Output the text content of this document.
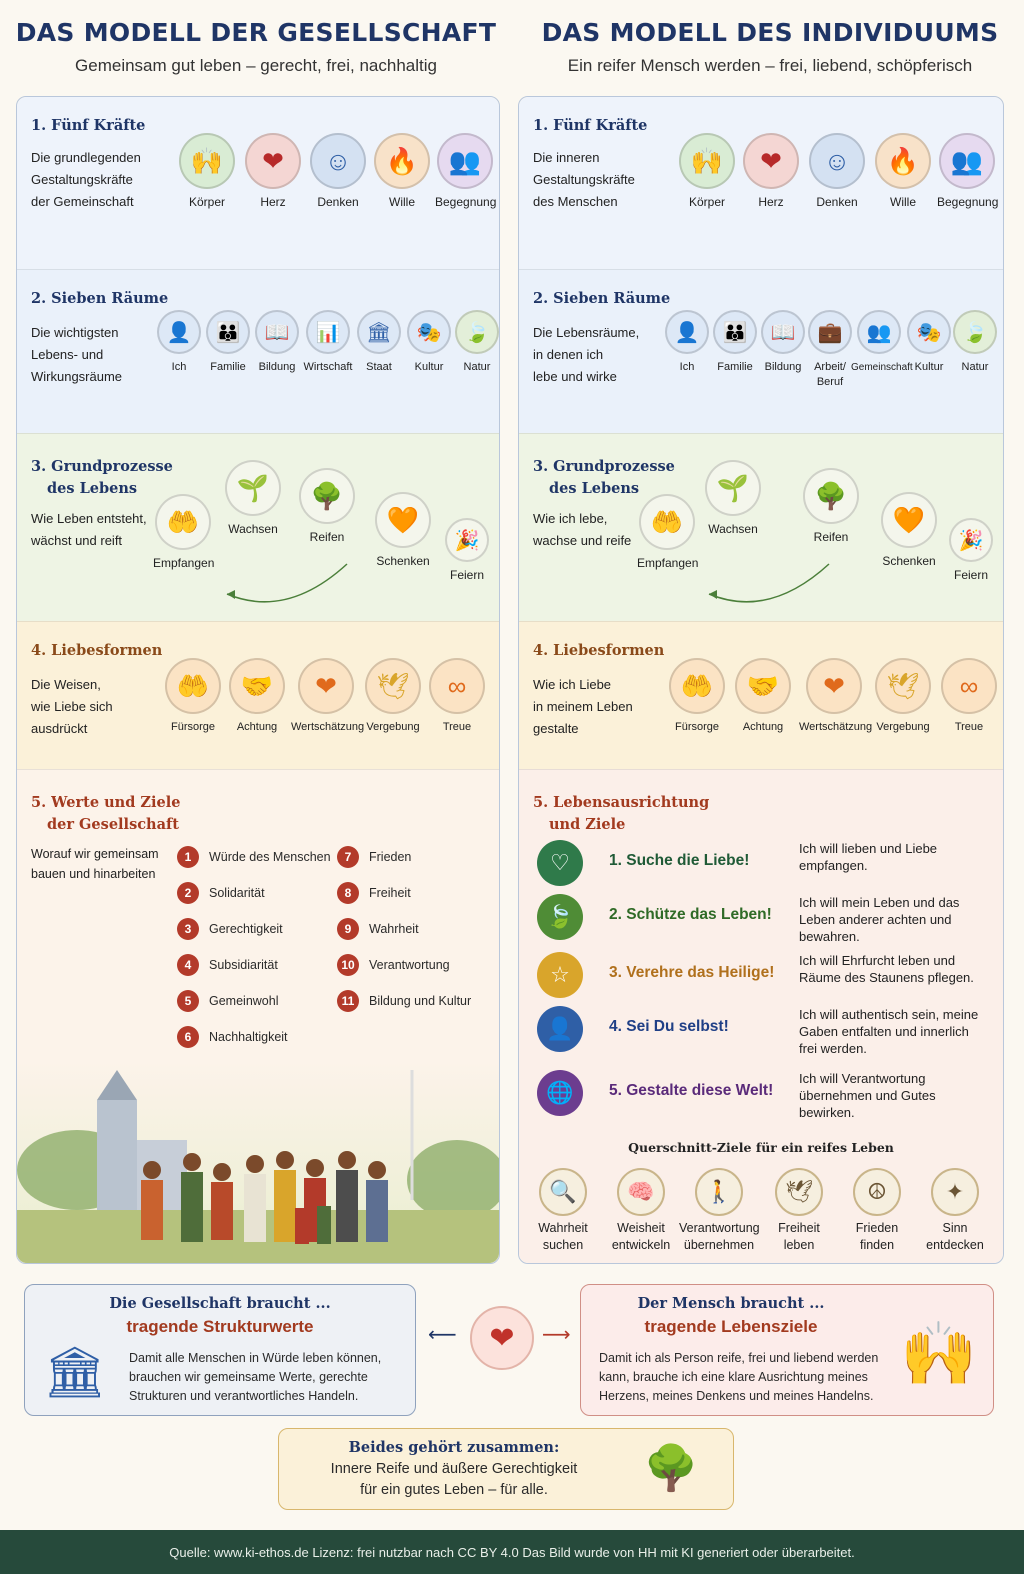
DAS MODELL DER GESELLSCHAFT
Gemeinsam gut leben – gerecht, frei, nachhaltig
DAS MODELL DES INDIVIDUUMS
Ein reifer Mensch werden – frei, liebend, schöpferisch
1. Fünf Kräfte
Die grundlegenden
Gestaltungskräfte
der Gemeinschaft
🙌
Körper
❤
Herz
☺
Denken
🔥
Wille
👥
Begegnung
2. Sieben Räume
Die wichtigsten
Lebens- und
Wirkungsräume
👤
Ich
👪
Familie
📖
Bildung
📊
Wirtschaft
🏛
Staat
🎭
Kultur
🍃
Natur
3. Grundprozesse
des Lebens
Wie Leben entsteht,
wächst und reift
🤲
Empfangen
🌱
Wachsen
🌳
Reifen
🧡
Schenken
🎉
Feiern
4. Liebesformen
Die Weisen,
wie Liebe sich
ausdrückt
🤲
Fürsorge
🤝
Achtung
❤
Wertschätzung
🕊
Vergebung
∞
Treue
5. Werte und Ziele
der Gesellschaft
Worauf wir gemeinsam
bauen und hinarbeiten
1	Würde des Menschen
2	Solidarität
3	Gerechtigkeit
4	Subsidiarität
5	Gemeinwohl
6	Nachhaltigkeit
7	Frieden
8	Freiheit
9	Wahrheit
10	Verantwortung
11	Bildung und Kultur
1. Fünf Kräfte
Die inneren
Gestaltungskräfte
des Menschen
🙌
Körper
❤
Herz
☺
Denken
🔥
Wille
👥
Begegnung
2. Sieben Räume
Die Lebensräume,
in denen ich
lebe und wirke
👤
Ich
👪
Familie
📖
Bildung
💼
Arbeit/ Beruf
👥
Gemeinschaft
🎭
Kultur
🍃
Natur
3. Grundprozesse
des Lebens
Wie ich lebe,
wachse und reife
🤲
Empfangen
🌱
Wachsen
🌳
Reifen
🧡
Schenken
🎉
Feiern
4. Liebesformen
Wie ich Liebe
in meinem Leben
gestalte
🤲
Fürsorge
🤝
Achtung
❤
Wertschätzung
🕊
Vergebung
∞
Treue
5. Lebensausrichtung
und Ziele
♡	1. Suche die Liebe!
Ich will lieben und Liebe empfangen.
🍃	2. Schütze das Leben!
Ich will mein Leben und das Leben anderer achten und bewahren.
☆	3. Verehre das Heilige!
Ich will Ehrfurcht leben und Räume des Staunens pflegen.
👤	4. Sei Du selbst!
Ich will authentisch sein, meine Gaben entfalten und innerlich frei werden.
🌐	5. Gestalte diese Welt!
Ich will Verantwortung übernehmen und Gutes bewirken.
Querschnitt-Ziele für ein reifes Leben
🔍
Wahrheit
suchen
🧠
Weisheit
entwickeln
🚶
Verantwortung
übernehmen
🕊
Freiheit
leben
☮
Frieden
finden
✦
Sinn
entdecken
Die Gesellschaft braucht ...
tragende Strukturwerte
🏛	Damit alle Menschen in Würde leben können, brauchen wir gemeinsame Werte, gerechte Strukturen und verantwortliches Handeln.
⟵	❤	⟶
Der Mensch braucht ...
tragende Lebensziele
Damit ich als Person reife, frei und liebend werden kann, brauche ich eine klare Ausrichtung meines Herzens, meines Denkens und meines Handelns.
🙌
Beides gehört zusammen:
Innere Reife und äußere Gerechtigkeit
für ein gutes Leben – für alle.	🌳
Quelle: www.ki-ethos.de Lizenz: frei nutzbar nach CC BY 4.0 Das Bild wurde von HH mit KI generiert oder überarbeitet.
